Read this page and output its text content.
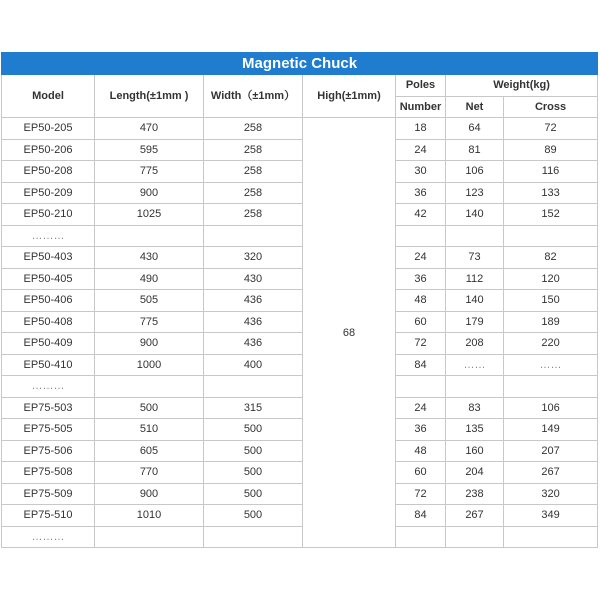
Magnetic Chuck						
Model	Length(±1mm )	Width（±1mm）	High(±1mm)	Poles	Weight(kg)	
				Number	Net	Cross
EP50-205	470	258	68	18	64	72
EP50-206	595	258		24	81	89
EP50-208	775	258		30	106	116
EP50-209	900	258		36	123	133
EP50-210	1025	258		42	140	152
………						
EP50-403	430	320		24	73	82
EP50-405	490	430		36	112	120
EP50-406	505	436		48	140	150
EP50-408	775	436		60	179	189
EP50-409	900	436		72	208	220
EP50-410	1000	400		84	……	……
………						
EP75-503	500	315		24	83	106
EP75-505	510	500		36	135	149
EP75-506	605	500		48	160	207
EP75-508	770	500		60	204	267
EP75-509	900	500		72	238	320
EP75-510	1010	500		84	267	349
………						
